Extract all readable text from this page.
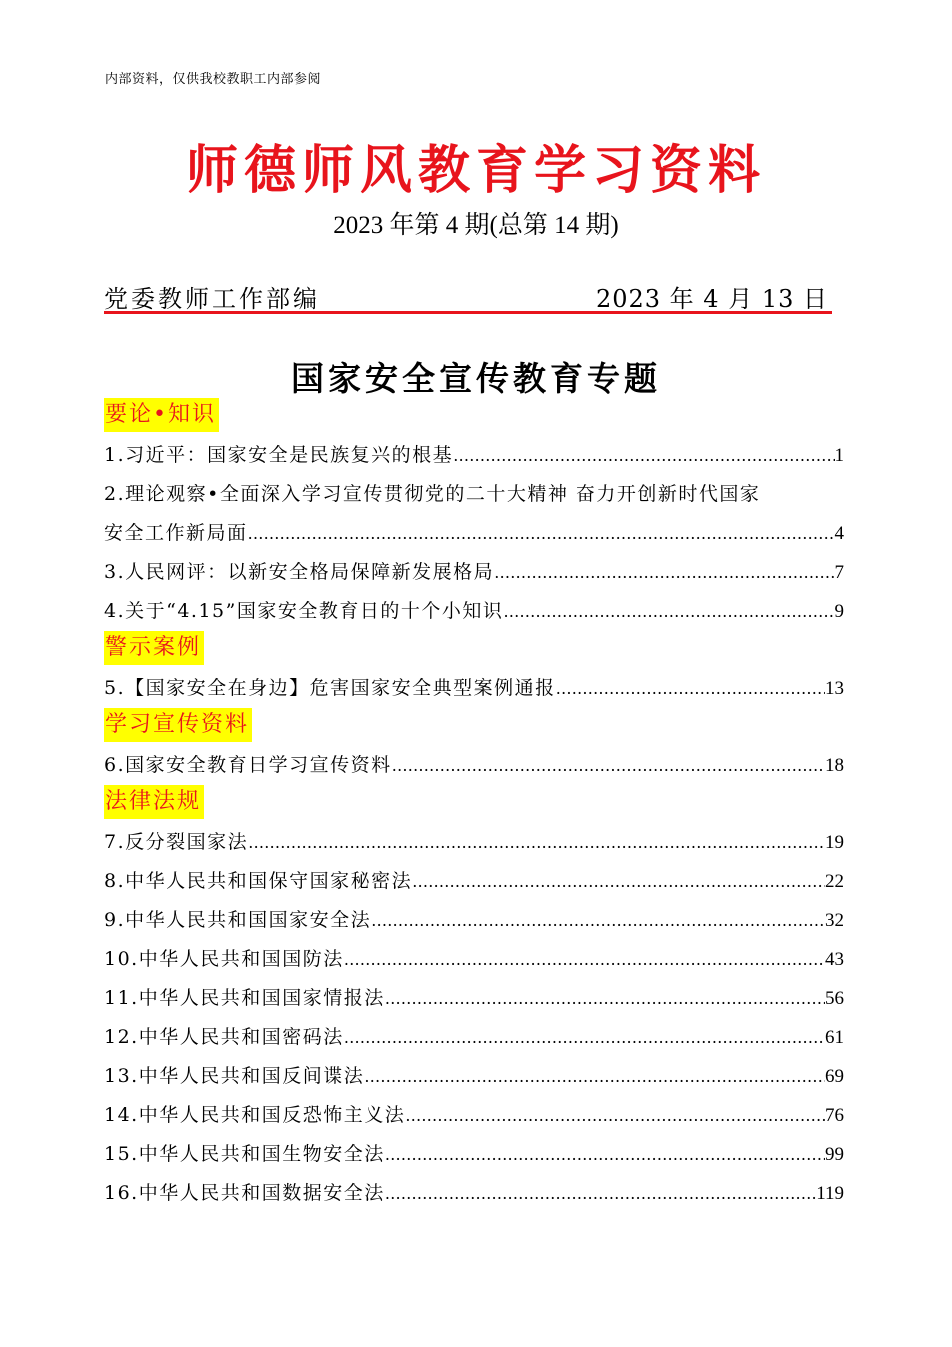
内部资料，仅供我校教职工内部参阅
师德师风教育学习资料
2023 年第 4 期(总第 14 期)
党委教师工作部编	2023 年 4 月 13 日
国家安全宣传教育专题
要论•知识
1.习近平：国家安全是民族复兴的根基 ……………………………………………………………………………………………………………………………………………………………………	1
2.理论观察•全面深入学习宣传贯彻党的二十大精神 奋力开创新时代国家
安全工作新局面 ……………………………………………………………………………………………………………………………………………………………………	4
3.人民网评：以新安全格局保障新发展格局 ……………………………………………………………………………………………………………………………………………………………………	7
4.关于“4.15”国家安全教育日的十个小知识 ……………………………………………………………………………………………………………………………………………………………………	9
警示案例
5.【国家安全在身边】危害国家安全典型案例通报 ……………………………………………………………………………………………………………………………………………………………………	13
学习宣传资料
6.国家安全教育日学习宣传资料 ……………………………………………………………………………………………………………………………………………………………………	18
法律法规
7.反分裂国家法 ……………………………………………………………………………………………………………………………………………………………………	19
8.中华人民共和国保守国家秘密法 ……………………………………………………………………………………………………………………………………………………………………	22
9.中华人民共和国国家安全法 ……………………………………………………………………………………………………………………………………………………………………	32
10.中华人民共和国国防法 ……………………………………………………………………………………………………………………………………………………………………	43
11.中华人民共和国国家情报法 ……………………………………………………………………………………………………………………………………………………………………	56
12.中华人民共和国密码法 ……………………………………………………………………………………………………………………………………………………………………	61
13.中华人民共和国反间谍法 ……………………………………………………………………………………………………………………………………………………………………	69
14.中华人民共和国反恐怖主义法 ……………………………………………………………………………………………………………………………………………………………………	76
15.中华人民共和国生物安全法 ……………………………………………………………………………………………………………………………………………………………………	99
16.中华人民共和国数据安全法 ……………………………………………………………………………………………………………………………………………………………………	119
